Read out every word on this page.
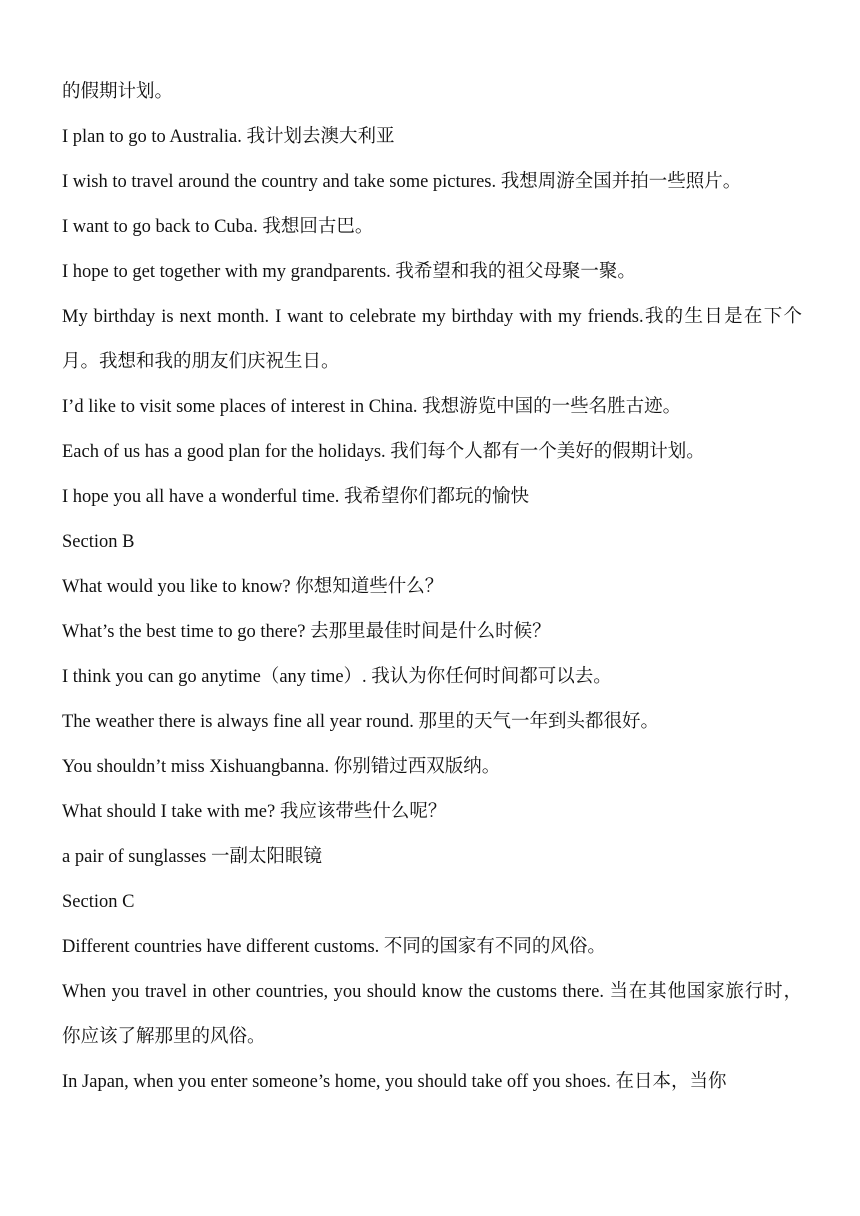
的假期计划。

I plan to go to Australia. 我计划去澳大利亚

I wish to travel around the country and take some pictures. 我想周游全国并拍一些照片。

I want to go back to Cuba. 我想回古巴。

I hope to get together with my grandparents. 我希望和我的祖父母聚一聚。

My birthday is next month. I want to celebrate my birthday with my friends.我的生日是在下个月。我想和我的朋友们庆祝生日。

I’d like to visit some places of interest in China. 我想游览中国的一些名胜古迹。

Each of us has a good plan for the holidays. 我们每个人都有一个美好的假期计划。

I hope you all have a wonderful time. 我希望你们都玩的愉快

Section B

What would you like to know? 你想知道些什么？

What’s the best time to go there? 去那里最佳时间是什么时候？

I think you can go anytime（any time）. 我认为你任何时间都可以去。

The weather there is always fine all year round. 那里的天气一年到头都很好。

You shouldn’t miss Xishuangbanna. 你别错过西双版纳。

What should I take with me? 我应该带些什么呢？

a pair of sunglasses 一副太阳眼镜

Section C

Different countries have different customs. 不同的国家有不同的风俗。

When you travel in other countries, you should know the customs there. 当在其他国家旅行时，你应该了解那里的风俗。

In Japan, when you enter someone’s home, you should take off you shoes. 在日本，当你
